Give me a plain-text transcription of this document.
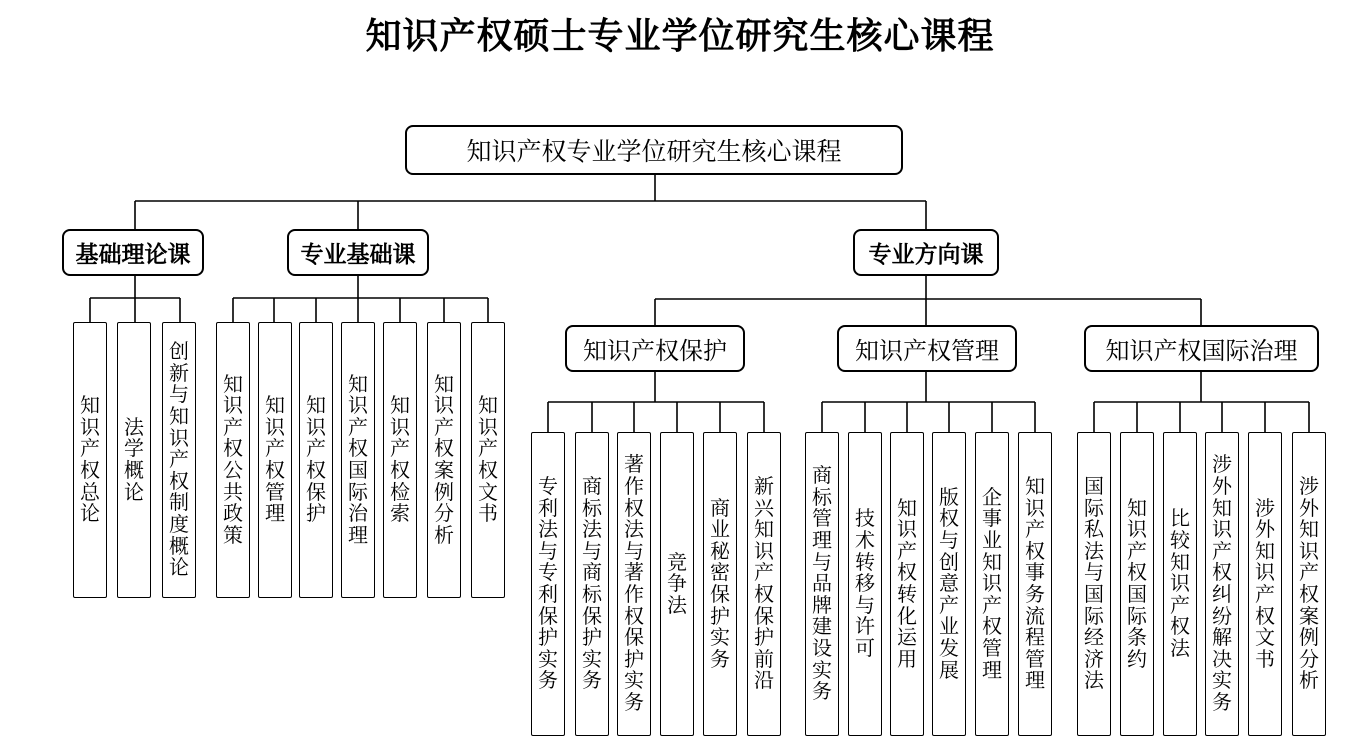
知识产权硕士专业学位研究生核心课程
知识产权专业学位研究生核心课程
基础理论课	专业基础课	专业方向课
知识产权保护	知识产权管理	知识产权国际治理
知识产权总论
法学概论
创新与知识产权制度概论
知识产权公共政策
知识产权管理
知识产权保护
知识产权国际治理
知识产权检索
知识产权案例分析
知识产权文书
专利法与专利保护实务
商标法与商标保护实务
著作权法与著作权保护实务
竞争法
商业秘密保护实务
新兴知识产权保护前沿
商标管理与品牌建设实务
技术转移与许可
知识产权转化运用
版权与创意产业发展
企事业知识产权管理
知识产权事务流程管理
国际私法与国际经济法
知识产权国际条约
比较知识产权法
涉外知识产权纠纷解决实务
涉外知识产权文书
涉外知识产权案例分析
